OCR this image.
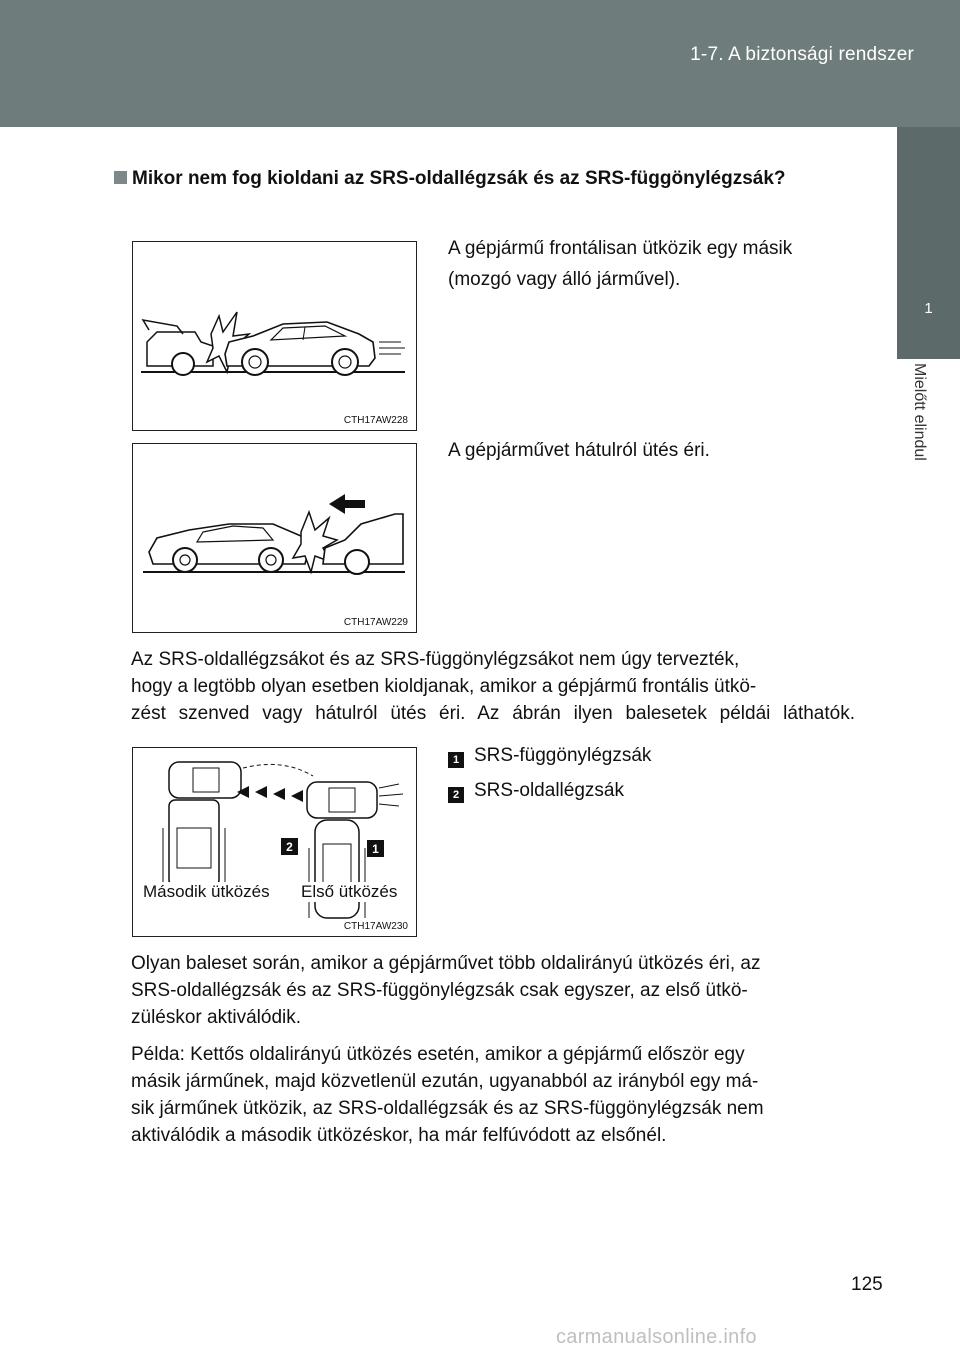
1-7. A biztonsági rendszer
1
Mielőtt elindul
Mikor nem fog kioldani az SRS-oldallégzsák és az SRS-függönylégzsák?
CTH17AW228
A gépjármű frontálisan ütközik egy másik
(mozgó vagy álló járművel).
CTH17AW229
A gépjárművet hátulról ütés éri.
Az SRS-oldallégzsákot és az SRS-függönylégzsákot nem úgy tervezték,
hogy a legtöbb olyan esetben kioldjanak, amikor a gépjármű frontális ütkö-
zést szenved vagy hátulról ütés éri. Az ábrán ilyen balesetek példái láthatók.
2	1
Második ütközés Első ütközés
CTH17AW230
1 SRS-függönylégzsák
2 SRS-oldallégzsák
Olyan baleset során, amikor a gépjárművet több oldalirányú ütközés éri, az
SRS-oldallégzsák és az SRS-függönylégzsák csak egyszer, az első ütkö-
züléskor aktiválódik.
Példa: Kettős oldalirányú ütközés esetén, amikor a gépjármű először egy
másik járműnek, majd közvetlenül ezután, ugyanabból az irányból egy má-
sik járműnek ütközik, az SRS-oldallégzsák és az SRS-függönylégzsák nem
aktiválódik a második ütközéskor, ha már felfúvódott az elsőnél.
125
carmanualsonline.info
